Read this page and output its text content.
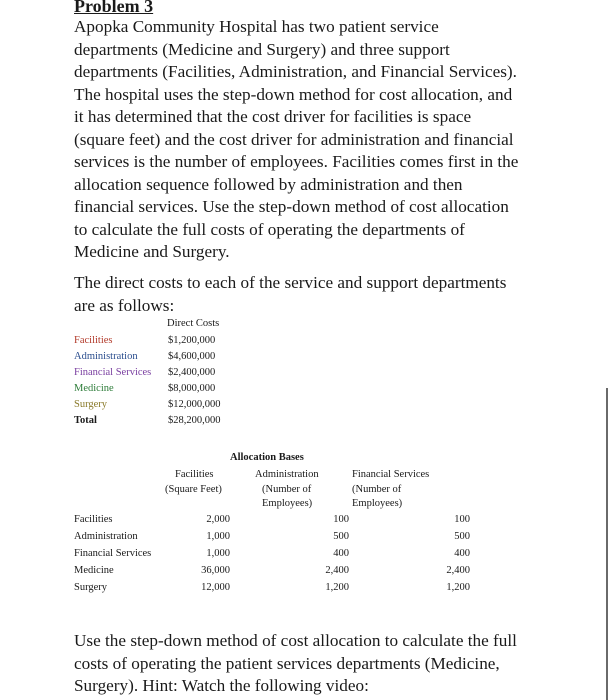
Problem 3

Apopka Community Hospital has two patient service
departments (Medicine and Surgery) and three support
departments (Facilities, Administration, and Financial Services).
The hospital uses the step-down method for cost allocation, and
it has determined that the cost driver for facilities is space
(square feet) and the cost driver for administration and financial
services is the number of employees. Facilities comes first in the
allocation sequence followed by administration and then
financial services. Use the step-down method of cost allocation
to calculate the full costs of operating the departments of
Medicine and Surgery.

The direct costs to each of the service and support departments
are as follows:

Direct Costs
Facilities	$1,200,000
Administration	$4,600,000
Financial Services $2,400,000
Medicine	$8,000,000
Surgery	$12,000,000
Total	$28,200,000
Allocation Bases
Facilities
(Square Feet)
Administration
(Number of
Employees)
Financial Services
(Number of
Employees)
Facilities	2,000	100	100
Administration	1,000	500	500
Financial Services	1,000	400	400
Medicine	36,000	2,400	2,400
Surgery	12,000	1,200	1,200

Use the step-down method of cost allocation to calculate the full
costs of operating the patient services departments (Medicine,
Surgery). Hint: Watch the following video:
